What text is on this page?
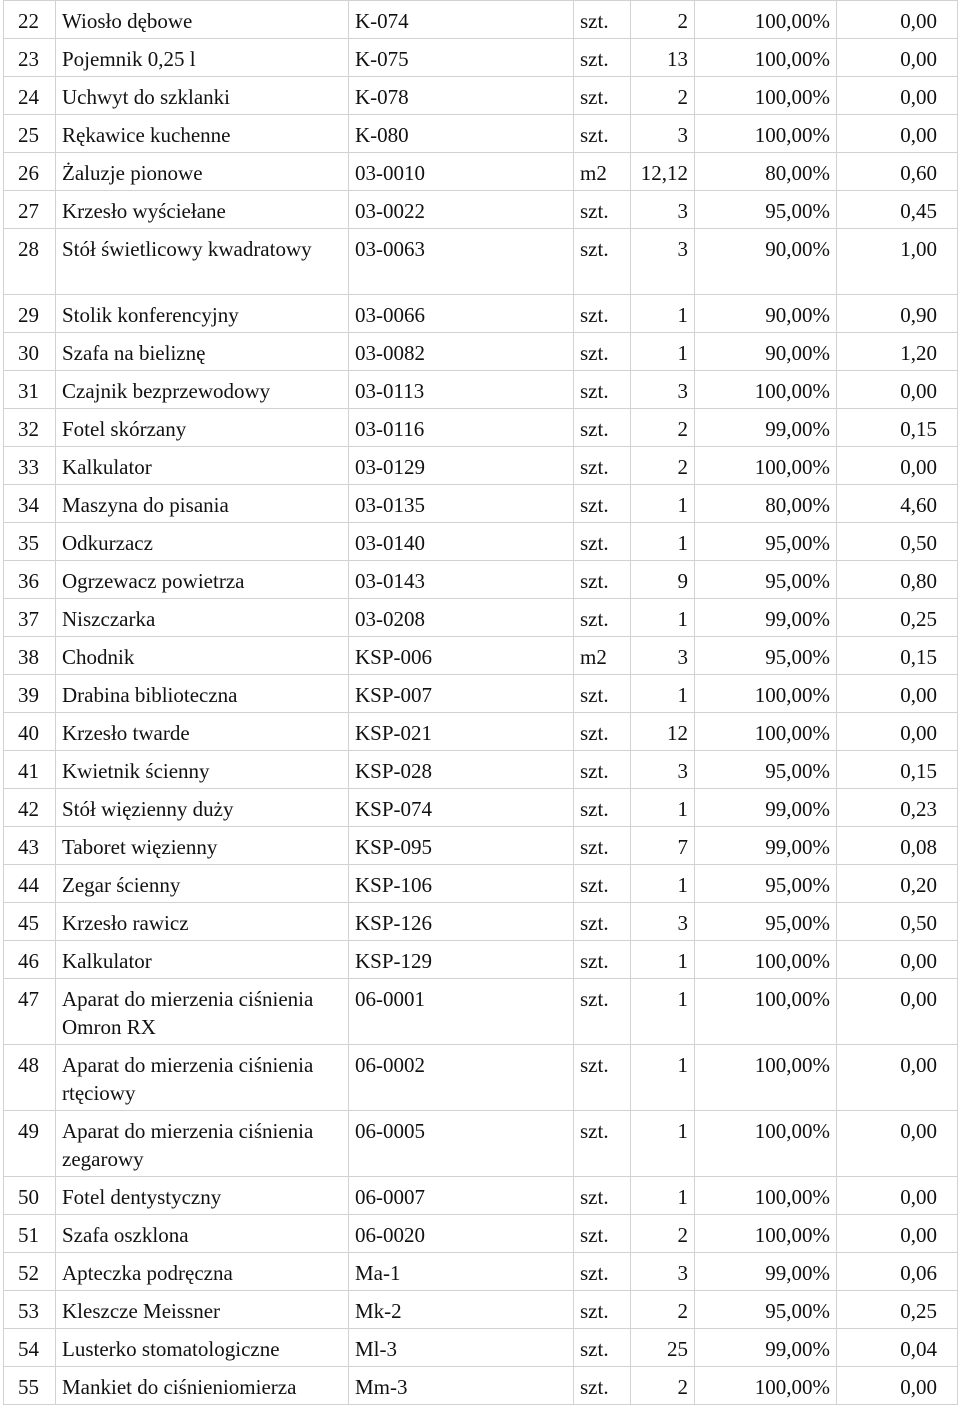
22	Wiosło dębowe	K-074	szt.	2	100,00%	0,00
23	Pojemnik 0,25 l	K-075	szt.	13	100,00%	0,00
24	Uchwyt do szklanki	K-078	szt.	2	100,00%	0,00
25	Rękawice kuchenne	K-080	szt.	3	100,00%	0,00
26	Żaluzje pionowe	03-0010	m2	12,12	80,00%	0,60
27	Krzesło wyściełane	03-0022	szt.	3	95,00%	0,45
28	Stół świetlicowy kwadratowy	03-0063	szt.	3	90,00%	1,00
29	Stolik konferencyjny	03-0066	szt.	1	90,00%	0,90
30	Szafa na bieliznę	03-0082	szt.	1	90,00%	1,20
31	Czajnik bezprzewodowy	03-0113	szt.	3	100,00%	0,00
32	Fotel skórzany	03-0116	szt.	2	99,00%	0,15
33	Kalkulator	03-0129	szt.	2	100,00%	0,00
34	Maszyna do pisania	03-0135	szt.	1	80,00%	4,60
35	Odkurzacz	03-0140	szt.	1	95,00%	0,50
36	Ogrzewacz powietrza	03-0143	szt.	9	95,00%	0,80
37	Niszczarka	03-0208	szt.	1	99,00%	0,25
38	Chodnik	KSP-006	m2	3	95,00%	0,15
39	Drabina biblioteczna	KSP-007	szt.	1	100,00%	0,00
40	Krzesło twarde	KSP-021	szt.	12	100,00%	0,00
41	Kwietnik ścienny	KSP-028	szt.	3	95,00%	0,15
42	Stół więzienny duży	KSP-074	szt.	1	99,00%	0,23
43	Taboret więzienny	KSP-095	szt.	7	99,00%	0,08
44	Zegar ścienny	KSP-106	szt.	1	95,00%	0,20
45	Krzesło rawicz	KSP-126	szt.	3	95,00%	0,50
46	Kalkulator	KSP-129	szt.	1	100,00%	0,00
47	Aparat do mierzenia ciśnienia Omron RX	06-0001	szt.	1	100,00%	0,00
48	Aparat do mierzenia ciśnienia rtęciowy	06-0002	szt.	1	100,00%	0,00
49	Aparat do mierzenia ciśnienia zegarowy	06-0005	szt.	1	100,00%	0,00
50	Fotel dentystyczny	06-0007	szt.	1	100,00%	0,00
51	Szafa oszklona	06-0020	szt.	2	100,00%	0,00
52	Apteczka podręczna	Ma-1	szt.	3	99,00%	0,06
53	Kleszcze Meissner	Mk-2	szt.	2	95,00%	0,25
54	Lusterko stomatologiczne	Ml-3	szt.	25	99,00%	0,04
55	Mankiet do ciśnieniomierza	Mm-3	szt.	2	100,00%	0,00
